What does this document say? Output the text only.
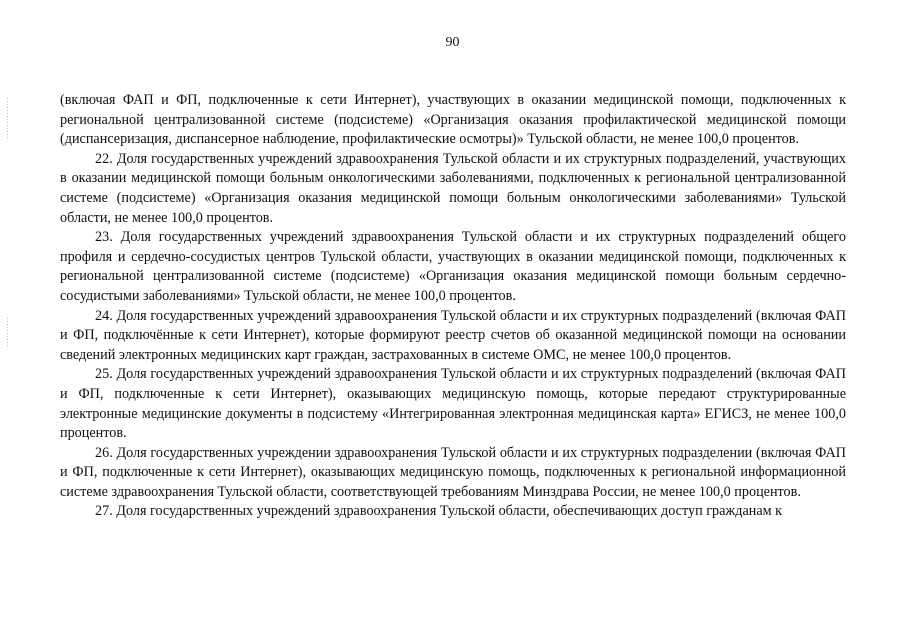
90

(включая ФАП и ФП, подключенные к сети Интернет), участвующих в оказании медицинской помощи, подключенных к региональной централизованной системе (подсистеме) «Организация оказания профилактической медицинской помощи (диспансеризация, диспансерное наблюдение, профилактические осмотры)» Тульской области, не менее 100,0 процентов.

22. Доля государственных учреждений здравоохранения Тульской области и их структурных подразделений, участвующих в оказании медицинской помощи больным онкологическими заболеваниями, подключенных к региональной централизованной системе (подсистеме) «Организация оказания медицинской помощи больным онкологическими заболеваниями» Тульской области, не менее 100,0 процентов.

23. Доля государственных учреждений здравоохранения Тульской области и их структурных подразделений общего профиля и сердечно-сосудистых центров Тульской области, участвующих в оказании медицинской помощи, подключенных к региональной централизованной системе (подсистеме) «Организация оказания медицинской помощи больным сердечно-сосудистыми заболеваниями» Тульской области, не менее 100,0 процентов.

24. Доля государственных учреждений здравоохранения Тульской области и их структурных подразделений (включая ФАП и ФП, подключённые к сети Интернет), которые формируют реестр счетов об оказанной медицинской помощи на основании сведений электронных медицинских карт граждан, застрахованных в системе ОМС, не менее 100,0 процентов.

25. Доля государственных учреждений здравоохранения Тульской области и их структурных подразделений (включая ФАП и ФП, подключенные к сети Интернет), оказывающих медицинскую помощь, которые передают структурированные электронные медицинские документы в подсистему «Интегрированная электронная медицинская карта» ЕГИСЗ, не менее 100,0 процентов.

26. Доля государственных учреждении здравоохранения Тульской области и их структурных подразделении (включая ФАП и ФП, подключенные к сети Интернет), оказывающих медицинскую помощь, подключенных к региональной информационной системе здравоохранения Тульской области, соответствующей требованиям Минздрава России, не менее 100,0 процентов.

27. Доля государственных учреждений здравоохранения Тульской области, обеспечивающих доступ гражданам к
